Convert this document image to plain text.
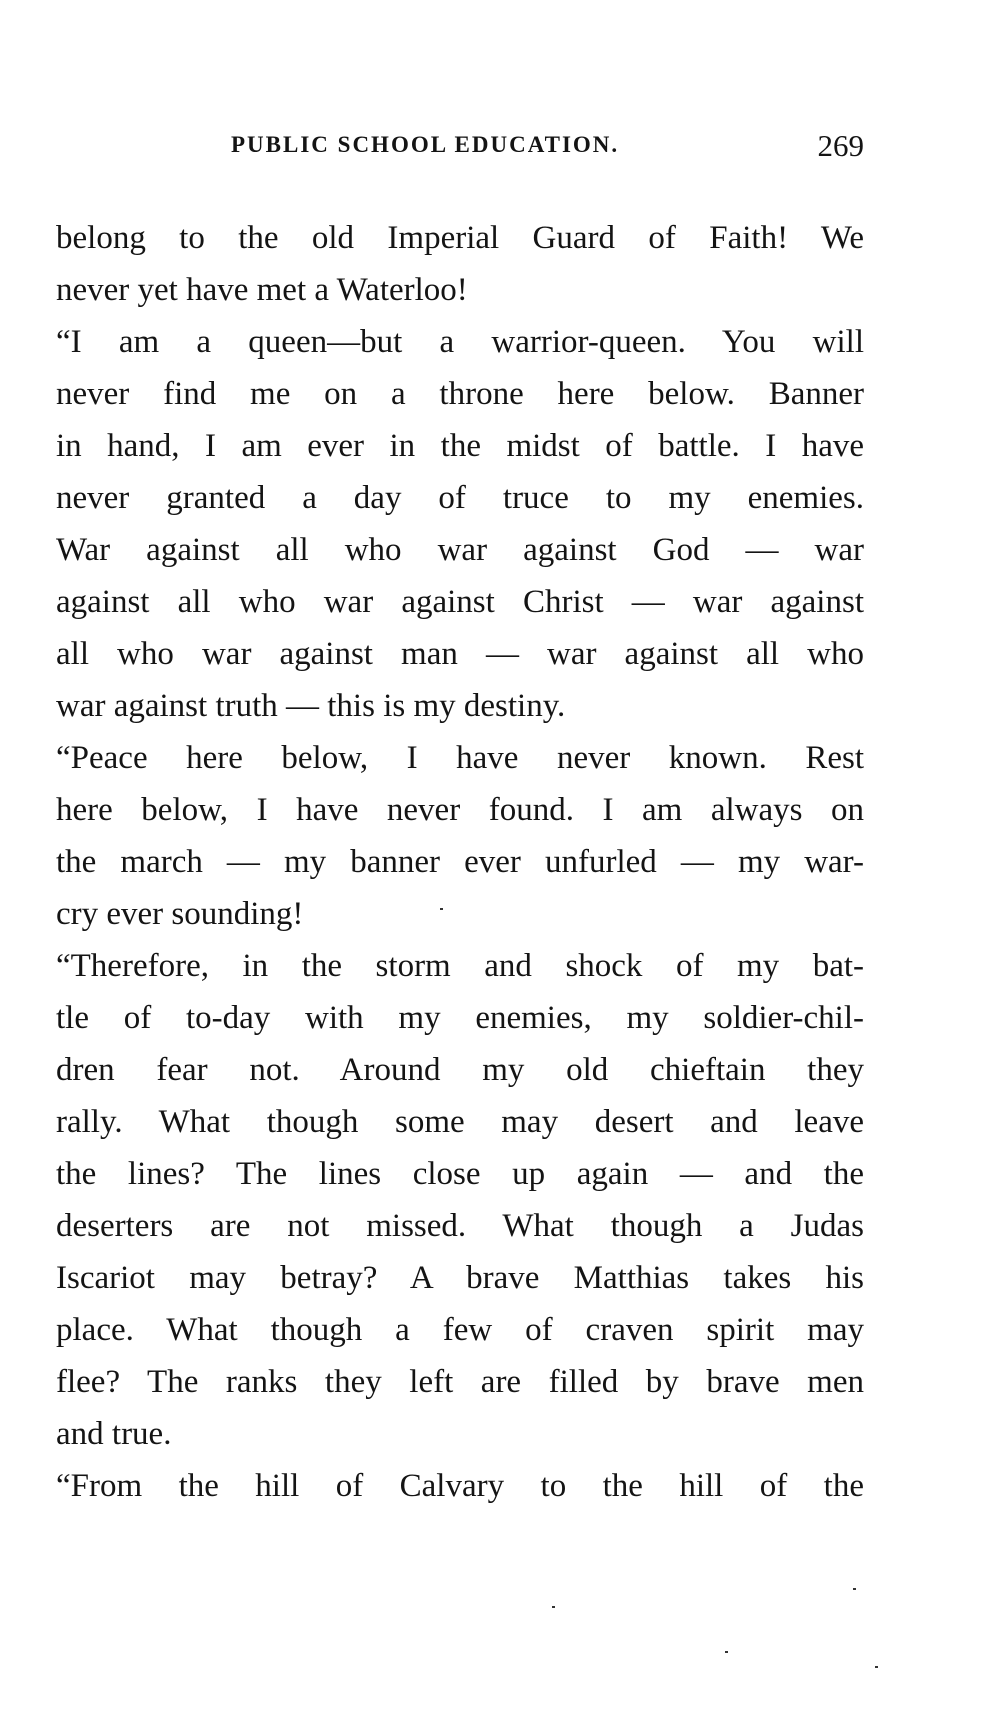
PUBLIC SCHOOL EDUCATION.	269
belong to the old Imperial Guard of Faith! We
never yet have met a Waterloo!
“I am a queen—but a warrior-queen. You will
never find me on a throne here below. Banner
in hand, I am ever in the midst of battle. I have
never granted a day of truce to my enemies.
War against all who war against God — war
against all who war against Christ — war against
all who war against man — war against all who
war against truth — this is my destiny.
“Peace here below, I have never known. Rest
here below, I have never found. I am always on
the march — my banner ever unfurled — my war-
cry ever sounding!
“Therefore, in the storm and shock of my bat-
tle of to-day with my enemies, my soldier-chil-
dren fear not. Around my old chieftain they
rally. What though some may desert and leave
the lines? The lines close up again — and the
deserters are not missed. What though a Judas
Iscariot may betray? A brave Matthias takes his
place. What though a few of craven spirit may
flee? The ranks they left are filled by brave men
and true.
“From the hill of Calvary to the hill of the
